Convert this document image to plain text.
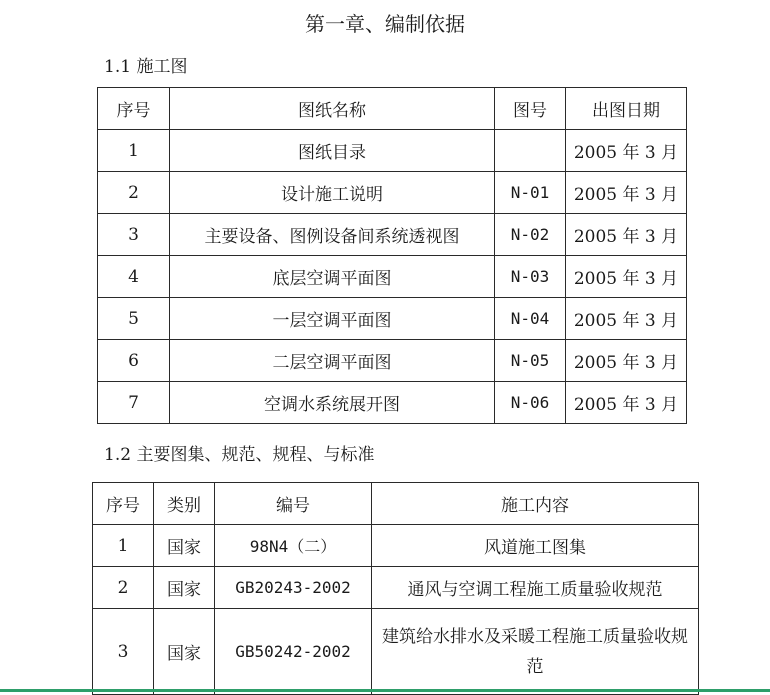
第一章、编制依据
1.1 施工图
序号	图纸名称	图号	出图日期
1	图纸目录		2005 年 3 月
2	设计施工说明	N-01	2005 年 3 月
3	主要设备、图例设备间系统透视图	N-02	2005 年 3 月
4	底层空调平面图	N-03	2005 年 3 月
5	一层空调平面图	N-04	2005 年 3 月
6	二层空调平面图	N-05	2005 年 3 月
7	空调水系统展开图	N-06	2005 年 3 月
1.2 主要图集、规范、规程、与标准
序号	类别	编号	施工内容
1	国家	98N4（二）	风道施工图集
2	国家	GB20243-2002	通风与空调工程施工质量验收规范
3	国家	GB50242-2002	建筑给水排水及采暖工程施工质量验收规范
